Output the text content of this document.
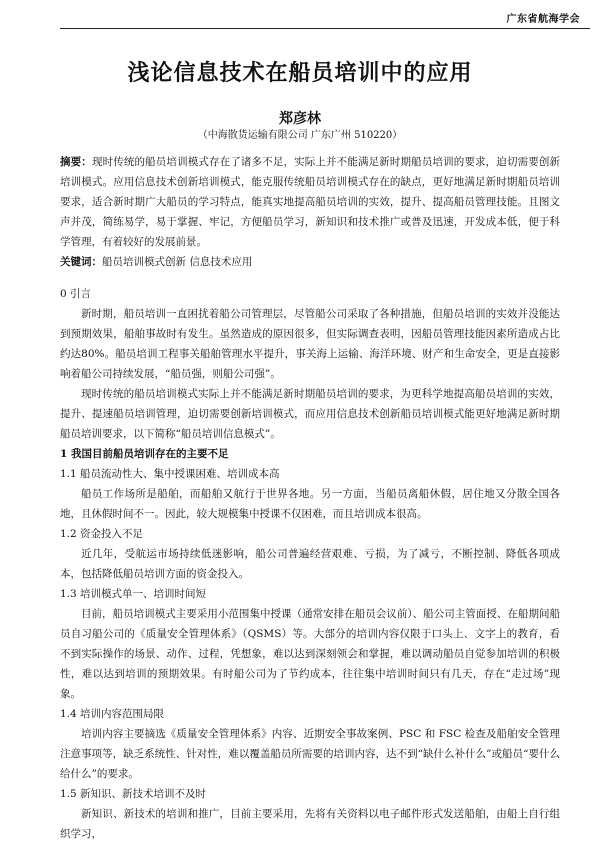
广东省航海学会
浅论信息技术在船员培训中的应用
郑彦林
（中海散货运输有限公司 广东广州 510220）

摘要：现时传统的船员培训模式存在了诸多不足，实际上并不能满足新时期船员培训的要求，迫切需要创新培训模式。应用信息技术创新培训模式，能克服传统船员培训模式存在的缺点，更好地满足新时期船员培训要求，适合新时期广大船员的学习特点，能真实地提高船员培训的实效，提升、提高船员管理技能。且图文声并茂，简练易学，易于掌握、牢记，方便船员学习，新知识和技术推广或普及迅速，开发成本低，便于科学管理，有着较好的发展前景。

关键词：船员培训模式创新 信息技术应用

0 引言

新时期，船员培训一直困扰着船公司管理层，尽管船公司采取了各种措施，但船员培训的实效并没能达到预期效果，船舶事故时有发生。虽然造成的原因很多，但实际调查表明，因船员管理技能因素所造成占比约达80%。船员培训工程事关船舶管理水平提升，事关海上运输、海洋环境、财产和生命安全，更是直接影响着船公司持续发展，“船员强，则船公司强”。

现时传统的船员培训模式实际上并不能满足新时期船员培训的要求，为更科学地提高船员培训的实效，提升、提速船员培训管理，迫切需要创新培训模式，而应用信息技术创新船员培训模式能更好地满足新时期船员培训要求，以下简称“船员培训信息模式”。

1 我国目前船员培训存在的主要不足

1.1 船员流动性大、集中授课困难、培训成本高

船员工作场所是船舶，而船舶又航行于世界各地。另一方面，当船员离船休假，居住地又分散全国各地，且休假时间不一。因此，较大规模集中授课不仅困难，而且培训成本很高。

1.2 资金投入不足

近几年，受航运市场持续低迷影响，船公司普遍经营艰难、亏损，为了减亏，不断控制、降低各项成本，包括降低船员培训方面的资金投入。

1.3 培训模式单一、培训时间短

目前，船员培训模式主要采用小范围集中授课（通常安排在船员会议前）、船公司主管面授、在船期间船员自习船公司的《质量安全管理体系》（QSMS）等。大部分的培训内容仅限于口头上、文字上的教育，看不到实际操作的场景、动作、过程，凭想象，难以达到深刻领会和掌握，难以调动船员自觉参加培训的积极性，难以达到培训的预期效果。有时船公司为了节约成本，往往集中培训时间只有几天，存在“走过场”现象。

1.4 培训内容范围局限

培训内容主要摘选《质量安全管理体系》内容、近期安全事故案例、PSC 和 FSC 检查及船舶安全管理注意事项等，缺乏系统性、针对性，难以覆盖船员所需要的培训内容，达不到“缺什么补什么”或船员“要什么给什么”的要求。

1.5 新知识、新技术培训不及时

新知识、新技术的培训和推广，目前主要采用，先将有关资料以电子邮件形式发送船舶，由船上自行组织学习，
